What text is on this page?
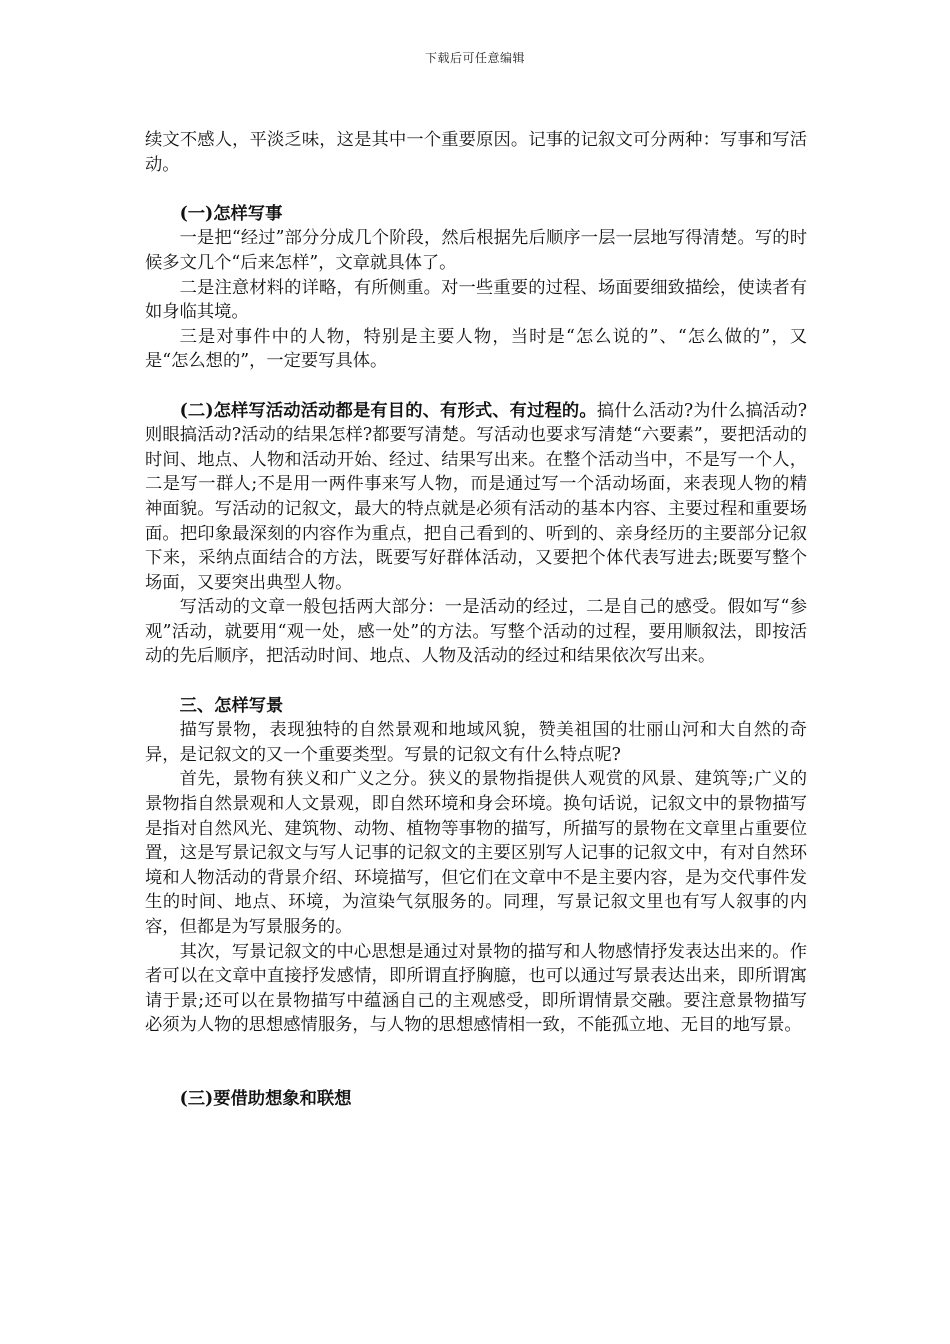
下载后可任意编辑

续文不感人，平淡乏味，这是其中一个重要原因。记事的记叙文可分两种：写事和写活动。

(一)怎样写事

一是把“经过”部分分成几个阶段，然后根据先后顺序一层一层地写得清楚。写的时候多文几个“后来怎样”，文章就具体了。

二是注意材料的详略，有所侧重。对一些重要的过程、场面要细致描绘，使读者有如身临其境。

三是对事件中的人物，特别是主要人物，当时是“怎么说的”、“怎么做的”，又是“怎么想的”，一定要写具体。

(二)怎样写活动活动都是有目的、有形式、有过程的。搞什么活动?为什么搞活动?则眼搞活动?活动的结果怎样?都要写清楚。写活动也要求写清楚“六要素”，要把活动的时间、地点、人物和活动开始、经过、结果写出来。在整个活动当中，不是写一个人，二是写一群人;不是用一两件事来写人物，而是通过写一个活动场面，来表现人物的精神面貌。写活动的记叙文，最大的特点就是必须有活动的基本内容、主要过程和重要场面。把印象最深刻的内容作为重点，把自己看到的、听到的、亲身经历的主要部分记叙下来，采纳点面结合的方法，既要写好群体活动，又要把个体代表写进去;既要写整个场面，又要突出典型人物。

写活动的文章一般包括两大部分：一是活动的经过，二是自己的感受。假如写“参观”活动，就要用“观一处，感一处”的方法。写整个活动的过程，要用顺叙法，即按活动的先后顺序，把活动时间、地点、人物及活动的经过和结果依次写出来。

三、怎样写景

描写景物，表现独特的自然景观和地域风貌，赞美祖国的壮丽山河和大自然的奇异，是记叙文的又一个重要类型。写景的记叙文有什么特点呢?

首先，景物有狭义和广义之分。狭义的景物指提供人观赏的风景、建筑等;广义的景物指自然景观和人文景观，即自然环境和身会环境。换句话说，记叙文中的景物描写是指对自然风光、建筑物、动物、植物等事物的描写，所描写的景物在文章里占重要位置，这是写景记叙文与写人记事的记叙文的主要区别写人记事的记叙文中，有对自然环境和人物活动的背景介绍、环境描写，但它们在文章中不是主要内容，是为交代事件发生的时间、地点、环境，为渲染气氛服务的。同理，写景记叙文里也有写人叙事的内容，但都是为写景服务的。

其次，写景记叙文的中心思想是通过对景物的描写和人物感情抒发表达出来的。作者可以在文章中直接抒发感情，即所谓直抒胸臆，也可以通过写景表达出来，即所谓寓请于景;还可以在景物描写中蕴涵自己的主观感受，即所谓情景交融。要注意景物描写必须为人物的思想感情服务，与人物的思想感情相一致，不能孤立地、无目的地写景。

(三)要借助想象和联想
